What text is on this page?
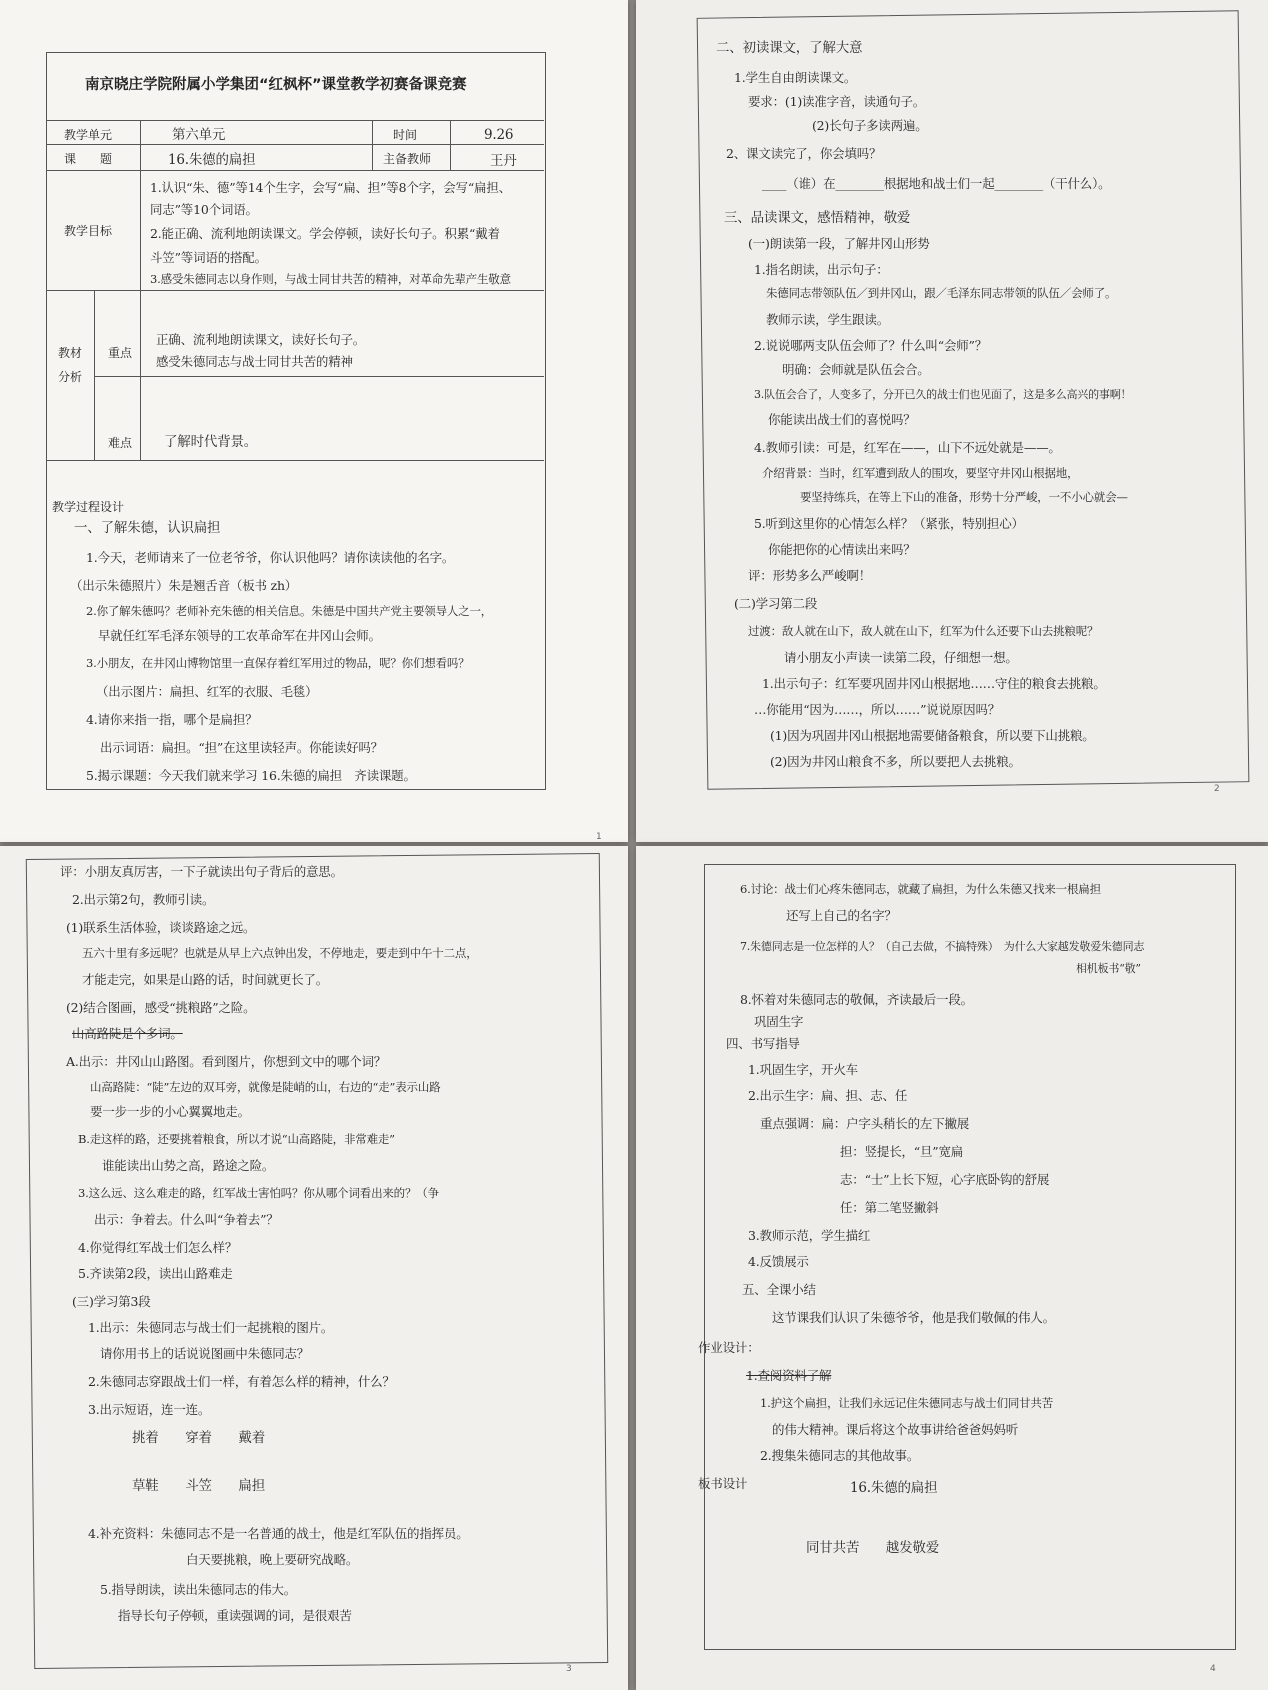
南京晓庄学院附属小学集团“红枫杯”课堂教学初赛备课竞赛
教学单元	第六单元	时间	9.26
课　　题	16.朱德的扁担	主备教师	王丹
教学目标
1.认识“朱、德”等14个生字，会写“扁、担”等8个字，会写“扁担、
同志”等10个词语。
2.能正确、流利地朗读课文。学会停顿，读好长句子。积累“戴着
斗笠”等词语的搭配。
3.感受朱德同志以身作则，与战士同甘共苦的精神，对革命先辈产生敬意
教材
分析
重点
正确、流利地朗读课文，读好长句子。
感受朱德同志与战士同甘共苦的精神
难点 了解时代背景。
教学过程设计
一、了解朱德，认识扁担
1.今天，老师请来了一位老爷爷，你认识他吗？请你读读他的名字。
（出示朱德照片）朱是翘舌音（板书 zh）
2.你了解朱德吗？老师补充朱德的相关信息。朱德是中国共产党主要领导人之一，
早就任红军毛泽东领导的工农革命军在井冈山会师。
3.小朋友，在井冈山博物馆里一直保存着红军用过的物品，呢？你们想看吗？
（出示图片：扁担、红军的衣服、毛毯）
4.请你来指一指，哪个是扁担？
出示词语：扁担。“担”在这里读轻声。你能读好吗？
5.揭示课题：今天我们就来学习 16.朱德的扁担　齐读课题。
1
二、初读课文，了解大意
1.学生自由朗读课文。
要求：(1)读准字音，读通句子。
(2)长句子多读两遍。
2、课文读完了，你会填吗？
____（谁）在________根据地和战士们一起________（干什么）。
三、品读课文，感悟精神，敬爱
(一)朗读第一段，了解井冈山形势
1.指名朗读，出示句子：
朱德同志带领队伍／到井冈山，跟／毛泽东同志带领的队伍／会师了。
教师示读，学生跟读。
2.说说哪两支队伍会师了？什么叫“会师”？
明确：会师就是队伍会合。
3.队伍会合了，人变多了，分开已久的战士们也见面了，这是多么高兴的事啊！
你能读出战士们的喜悦吗？
4.教师引读：可是，红军在——，山下不远处就是——。
介绍背景：当时，红军遭到敌人的围攻，要坚守井冈山根据地，
要坚持练兵，在等上下山的准备，形势十分严峻，一不小心就会—
5.听到这里你的心情怎么样？（紧张，特别担心）
你能把你的心情读出来吗？
评：形势多么严峻啊！
(二)学习第二段
过渡：敌人就在山下，敌人就在山下，红军为什么还要下山去挑粮呢？
请小朋友小声读一读第二段，仔细想一想。
1.出示句子：红军要巩固井冈山根据地……守住的粮食去挑粮。
…你能用“因为……，所以……”说说原因吗？
(1)因为巩固井冈山根据地需要储备粮食，所以要下山挑粮。
(2)因为井冈山粮食不多，所以要把人去挑粮。
2
评：小朋友真厉害，一下子就读出句子背后的意思。
2.出示第2句，教师引读。
(1)联系生活体验，谈谈路途之远。
五六十里有多远呢？也就是从早上六点钟出发，不停地走，要走到中午十二点，
才能走完，如果是山路的话，时间就更长了。
(2)结合图画，感受“挑粮路”之险。
山高路陡是个多词。
A.出示：井冈山山路图。看到图片，你想到文中的哪个词？
山高路陡：“陡”左边的双耳旁，就像是陡峭的山，右边的“走”表示山路
要一步一步的小心翼翼地走。
B.走这样的路，还要挑着粮食，所以才说“山高路陡，非常难走”
谁能读出山势之高，路途之险。
3.这么远、这么难走的路，红军战士害怕吗？你从哪个词看出来的？（争
出示：争着去。什么叫“争着去”？
4.你觉得红军战士们怎么样？
5.齐读第2段，读出山路难走
(三)学习第3段
1.出示：朱德同志与战士们一起挑粮的图片。
请你用书上的话说说图画中朱德同志？
2.朱德同志穿跟战士们一样，有着怎么样的精神，什么？
3.出示短语，连一连。
挑着　　穿着　　戴着
草鞋　　斗笠　　扁担
4.补充资料：朱德同志不是一名普通的战士，他是红军队伍的指挥员。
白天要挑粮，晚上要研究战略。
5.指导朗读，读出朱德同志的伟大。
指导长句子停顿，重读强调的词，是很艰苦
3
6.讨论：战士们心疼朱德同志，就藏了扁担，为什么朱德又找来一根扁担
还写上自己的名字？
7.朱德同志是一位怎样的人？（自己去做，不搞特殊）　为什么大家越发敬爱朱德同志
相机板书“敬”
8.怀着对朱德同志的敬佩，齐读最后一段。
巩固生字
四、书写指导
1.巩固生字，开火车
2.出示生字：扁、担、志、任
重点强调：扁：户字头稍长的左下撇展
担：竖提长，“旦”宽扁
志：“士”上长下短，心字底卧钩的舒展
任：第二笔竖撇斜
3.教师示范，学生描红
4.反馈展示
五、全课小结
这节课我们认识了朱德爷爷，他是我们敬佩的伟人。
作业设计：
1.查阅资料了解
1.护这个扁担，让我们永远记住朱德同志与战士们同甘共苦
的伟大精神。课后将这个故事讲给爸爸妈妈听
2.搜集朱德同志的其他故事。
板书设计	16.朱德的扁担
同甘共苦　　越发敬爱
4
